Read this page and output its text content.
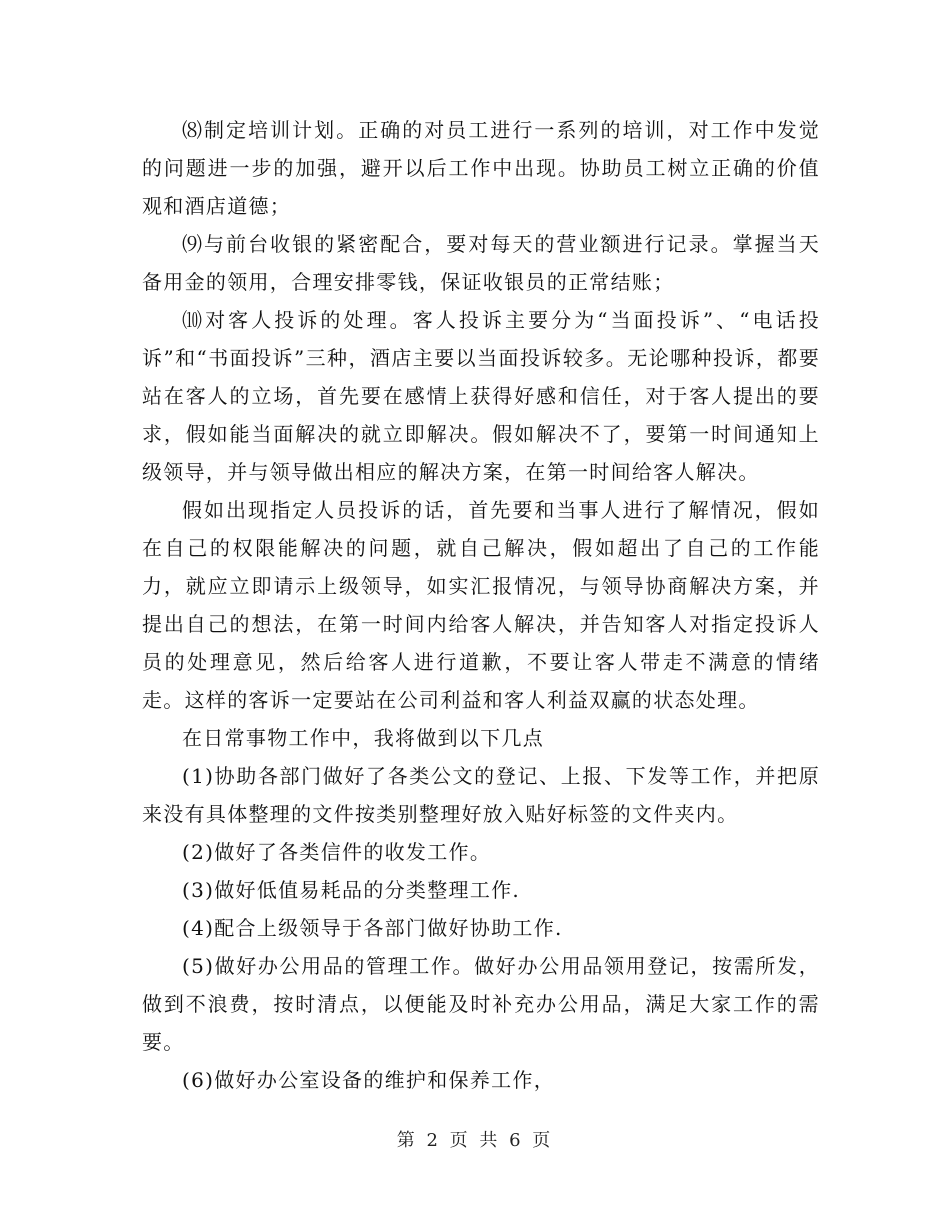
⑻制定培训计划。正确的对员工进行一系列的培训，对工作中发觉的问题进一步的加强，避开以后工作中出现。协助员工树立正确的价值观和酒店道德；

⑼与前台收银的紧密配合，要对每天的营业额进行记录。掌握当天备用金的领用，合理安排零钱，保证收银员的正常结账；

⑽对客人投诉的处理。客人投诉主要分为“当面投诉”、“电话投诉”和“书面投诉”三种，酒店主要以当面投诉较多。无论哪种投诉，都要站在客人的立场，首先要在感情上获得好感和信任，对于客人提出的要求，假如能当面解决的就立即解决。假如解决不了，要第一时间通知上级领导，并与领导做出相应的解决方案，在第一时间给客人解决。

假如出现指定人员投诉的话，首先要和当事人进行了解情况，假如在自己的权限能解决的问题，就自己解决，假如超出了自己的工作能力，就应立即请示上级领导，如实汇报情况，与领导协商解决方案，并提出自己的想法，在第一时间内给客人解决，并告知客人对指定投诉人员的处理意见，然后给客人进行道歉，不要让客人带走不满意的情绪走。这样的客诉一定要站在公司利益和客人利益双赢的状态处理。

在日常事物工作中，我将做到以下几点

(1)协助各部门做好了各类公文的登记、上报、下发等工作，并把原来没有具体整理的文件按类别整理好放入贴好标签的文件夹内。

(2)做好了各类信件的收发工作。

(3)做好低值易耗品的分类整理工作.

(4)配合上级领导于各部门做好协助工作.

(5)做好办公用品的管理工作。做好办公用品领用登记，按需所发，做到不浪费，按时清点，以便能及时补充办公用品，满足大家工作的需要。

(6)做好办公室设备的维护和保养工作，

第 2 页 共 6 页
